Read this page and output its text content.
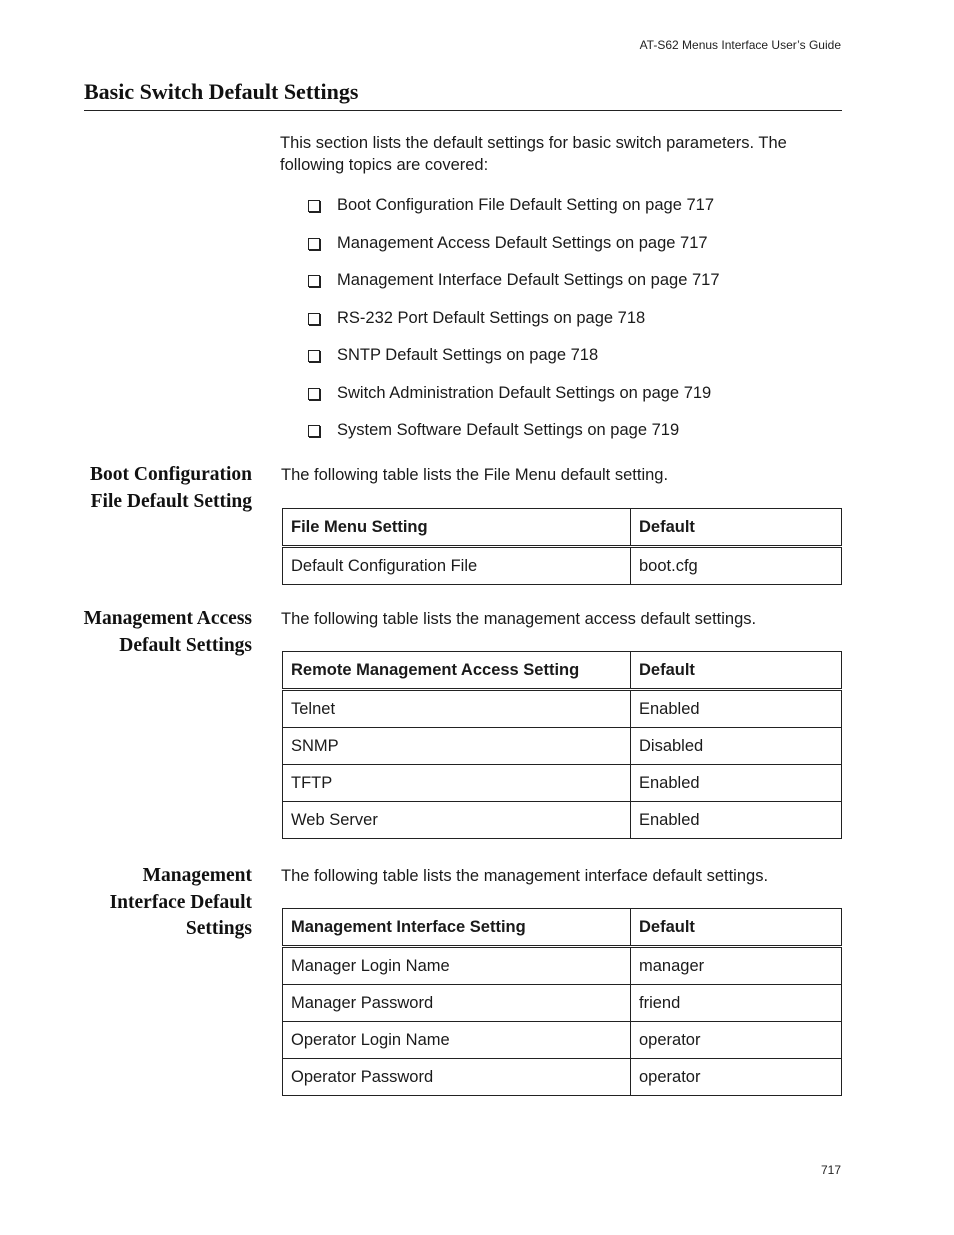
AT-S62 Menus Interface User’s Guide
Basic Switch Default Settings

This section lists the default settings for basic switch parameters. The following topics are covered:

Boot Configuration File Default Setting on page 717
Management Access Default Settings on page 717
Management Interface Default Settings on page 717
RS-232 Port Default Settings on page 718
SNTP Default Settings on page 718
Switch Administration Default Settings on page 719
System Software Default Settings on page 719
Boot Configuration File Default Setting

The following table lists the File Menu default setting.

File Menu Setting	Default
Default Configuration File	boot.cfg
Management Access Default Settings

The following table lists the management access default settings.

Remote Management Access Setting	Default
Telnet	Enabled
SNMP	Disabled
TFTP	Enabled
Web Server	Enabled
Management Interface Default Settings

The following table lists the management interface default settings.

Management Interface Setting	Default
Manager Login Name	manager
Manager Password	friend
Operator Login Name	operator
Operator Password	operator
717
